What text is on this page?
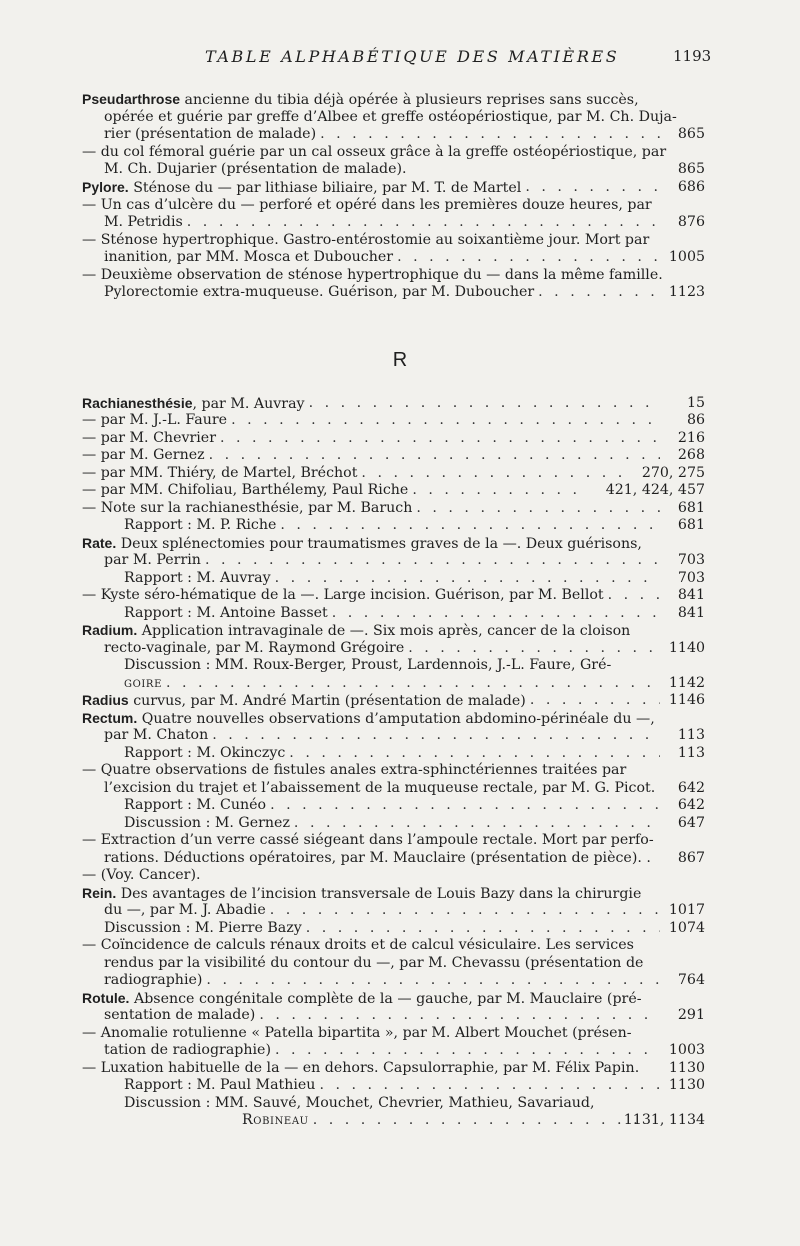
TABLE ALPHABÉTIQUE DES MATIÈRES	1193
Pseudarthrose ancienne du tibia déjà opérée à plusieurs reprises sans succès,
opérée et guérie par greffe d’Albee et greffe ostéopériostique, par M. Ch. Duja-
rier (présentation de malade) . . .	865
— du col fémoral guérie par un cal osseux grâce à la greffe ostéopériostique, par
M. Ch. Dujarier (présentation de malade).	865
Pylore. Sténose du — par lithiase biliaire, par M. T. de Martel . . .	686
— Un cas d’ulcère du — perforé et opéré dans les premières douze heures, par
M. Petridis . . .	876
— Sténose hypertrophique. Gastro-entérostomie au soixantième jour. Mort par
inanition, par MM. Mosca et Duboucher . . .	1005
— Deuxième observation de sténose hypertrophique du — dans la même famille.
Pylorectomie extra-muqueuse. Guérison, par M. Duboucher . . .	1123
R
Rachianesthésie, par M. Auvray . . .	15
— par M. J.-L. Faure . . .	86
— par M. Chevrier . . .	216
— par M. Gernez . . .	268
— par MM. Thiéry, de Martel, Bréchot . . .	270, 275
— par MM. Chifoliau, Barthélemy, Paul Riche . . .	421, 424, 457
— Note sur la rachianesthésie, par M. Baruch . . .	681
Rapport : M. P. Riche . . .	681
Rate. Deux splénectomies pour traumatismes graves de la —. Deux guérisons,
par M. Perrin . . .	703
Rapport : M. Auvray . . .	703
— Kyste séro-hématique de la —. Large incision. Guérison, par M. Bellot . . .	841
Rapport : M. Antoine Basset . . .	841
Radium. Application intravaginale de —. Six mois après, cancer de la cloison
recto-vaginale, par M. Raymond Grégoire . . .	1140
Discussion : MM. Roux-Berger, Proust, Lardennois, J.-L. Faure, Gré-
goire . . .	1142
Radius curvus, par M. André Martin (présentation de malade) . . .	1146
Rectum. Quatre nouvelles observations d’amputation abdomino-périnéale du —,
par M. Chaton . . .	113
Rapport : M. Okinczyc . . .	113
— Quatre observations de fistules anales extra-sphinctériennes traitées par
l’excision du trajet et l’abaissement de la muqueuse rectale, par M. G. Picot. 642
Rapport : M. Cunéo . . .	642
Discussion : M. Gernez . . .	647
— Extraction d’un verre cassé siégeant dans l’ampoule rectale. Mort par perfo-
rations. Déductions opératoires, par M. Mauclaire (présentation de pièce). . 867
— (Voy. Cancer).
Rein. Des avantages de l’incision transversale de Louis Bazy dans la chirurgie
du —, par M. J. Abadie . . .	1017
Discussion : M. Pierre Bazy . . .	1074
— Coïncidence de calculs rénaux droits et de calcul vésiculaire. Les services
rendus par la visibilité du contour du —, par M. Chevassu (présentation de
radiographie) . . .	764
Rotule. Absence congénitale complète de la — gauche, par M. Mauclaire (pré-
sentation de malade) . . .	291
— Anomalie rotulienne « Patella bipartita », par M. Albert Mouchet (présen-
tation de radiographie) . . .	1003
— Luxation habituelle de la — en dehors. Capsulorraphie, par M. Félix Papin. 1130
Rapport : M. Paul Mathieu . . .	1130
Discussion : MM. Sauvé, Mouchet, Chevrier, Mathieu, Savariaud,
Robineau . . .	1131, 1134
